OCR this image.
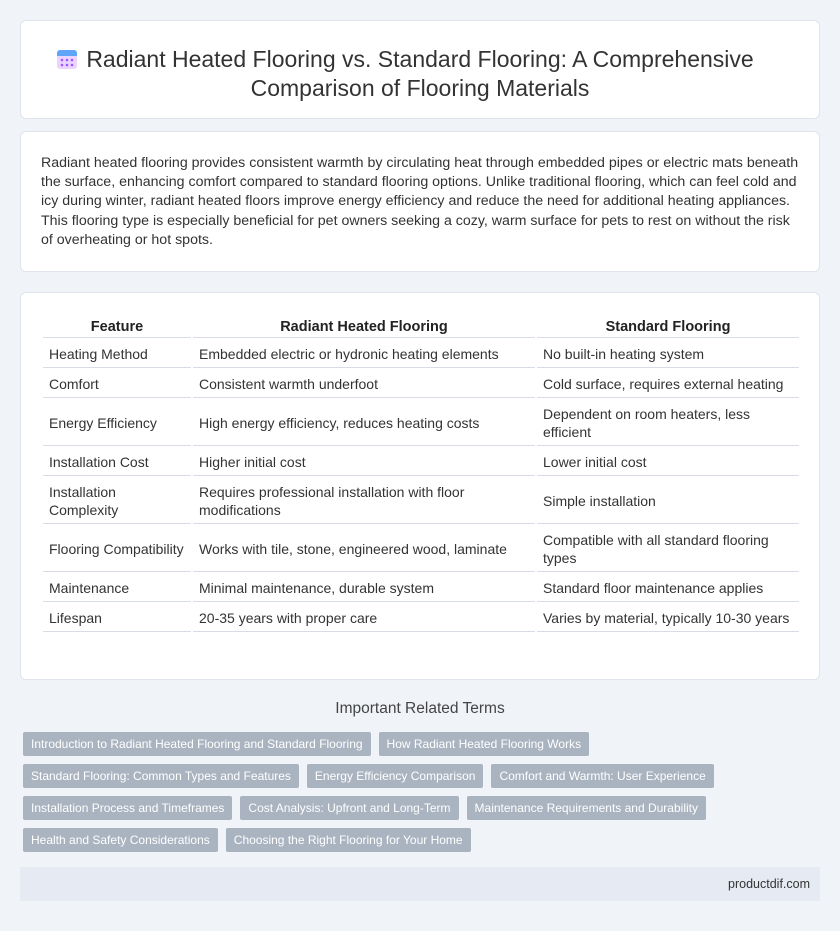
Radiant Heated Flooring vs. Standard Flooring: A Comprehensive Comparison of Flooring Materials

Radiant heated flooring provides consistent warmth by circulating heat through embedded pipes or electric mats beneath the surface, enhancing comfort compared to standard flooring options. Unlike traditional flooring, which can feel cold and icy during winter, radiant heated floors improve energy efficiency and reduce the need for additional heating appliances. This flooring type is especially beneficial for pet owners seeking a cozy, warm surface for pets to rest on without the risk of overheating or hot spots.

Feature	Radiant Heated Flooring	Standard Flooring
Heating Method	Embedded electric or hydronic heating elements	No built-in heating system
Comfort	Consistent warmth underfoot	Cold surface, requires external heating
Energy Efficiency	High energy efficiency, reduces heating costs	Dependent on room heaters, less efficient
Installation Cost	Higher initial cost	Lower initial cost
Installation Complexity	Requires professional installation with floor modifications	Simple installation
Flooring Compatibility	Works with tile, stone, engineered wood, laminate	Compatible with all standard flooring types
Maintenance	Minimal maintenance, durable system	Standard floor maintenance applies
Lifespan	20-35 years with proper care	Varies by material, typically 10-30 years
Important Related Terms
Introduction to Radiant Heated Flooring and Standard Flooring	How Radiant Heated Flooring Works
Standard Flooring: Common Types and Features	Energy Efficiency Comparison	Comfort and Warmth: User Experience
Installation Process and Timeframes	Cost Analysis: Upfront and Long-Term	Maintenance Requirements and Durability
Health and Safety Considerations	Choosing the Right Flooring for Your Home
productdif.com
